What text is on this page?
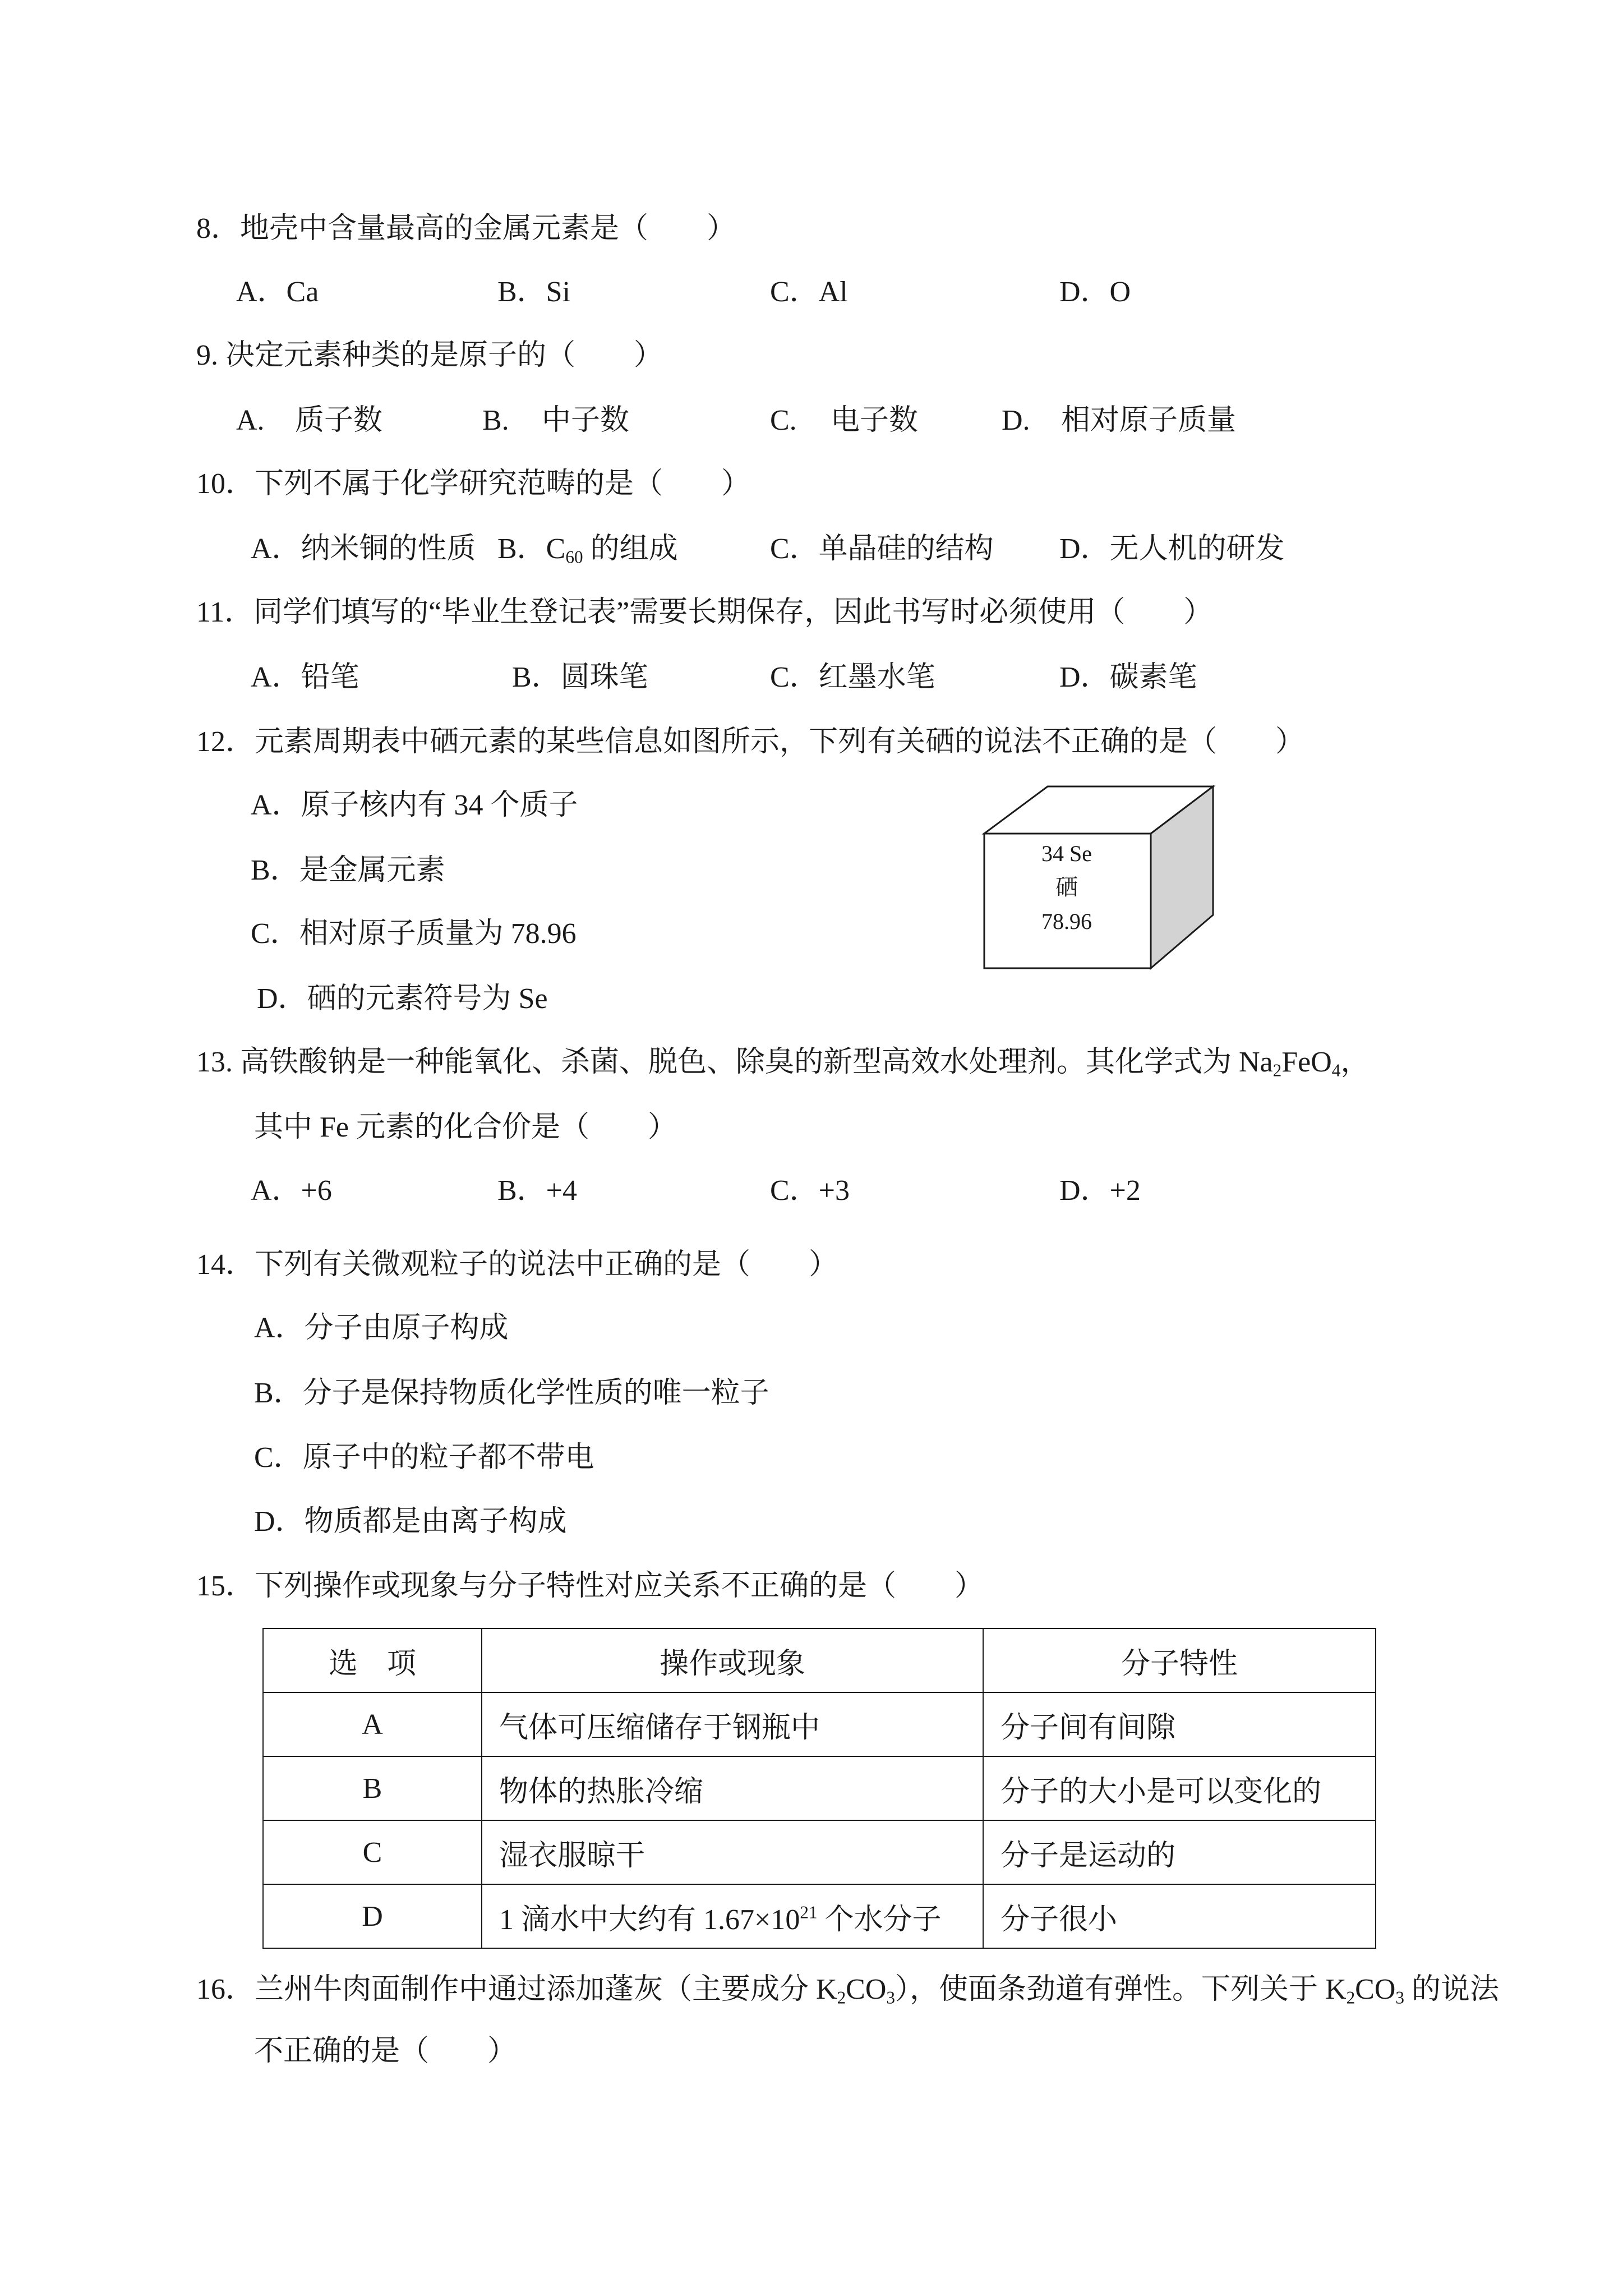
8．地壳中含量最高的金属元素是（　　）
A．Ca	B．Si	C．Al	D．O
9. 决定元素种类的是原子的（　　）
A. 质子数	B. 中子数	C. 电子数	D. 相对原子质量
10．下列不属于化学研究范畴的是（　　）
A．纳米铜的性质 B．$C_{60}$ 的组成	C．单晶硅的结构 D．无人机的研发
11．同学们填写的“毕业生登记表”需要长期保存，因此书写时必须使用（　　）
A．铅笔	B．圆珠笔	C．红墨水笔	D．碳素笔
12．元素周期表中硒元素的某些信息如图所示，下列有关硒的说法不正确的是（　　）
A．原子核内有 34 个质子
B．是金属元素
C．相对原子质量为 78.96
D．硒的元素符号为 Se
34 Se
硒
78.96
13. 高铁酸钠是一种能氧化、杀菌、脱色、除臭的新型高效水处理剂。其化学式为 $Na_2FeO_4$，
其中 Fe 元素的化合价是（　　）
A．+6	B．+4	C．+3	D．+2
14．下列有关微观粒子的说法中正确的是（　　）
A．分子由原子构成
B．分子是保持物质化学性质的唯一粒子
C．原子中的粒子都不带电
D．物质都是由离子构成
15．下列操作或现象与分子特性对应关系不正确的是（　　）
选　项	操作或现象	分子特性
A	气体可压缩储存于钢瓶中	分子间有间隙
B	物体的热胀冷缩	分子的大小是可以变化的
C	湿衣服晾干	分子是运动的
D	1 滴水中大约有 $1.67\times 10^{21}$ 个水分子	分子很小
16．兰州牛肉面制作中通过添加蓬灰（主要成分 $K_2CO_3$），使面条劲道有弹性。下列关于 $K_2CO_3$ 的说法
不正确的是（　　）
